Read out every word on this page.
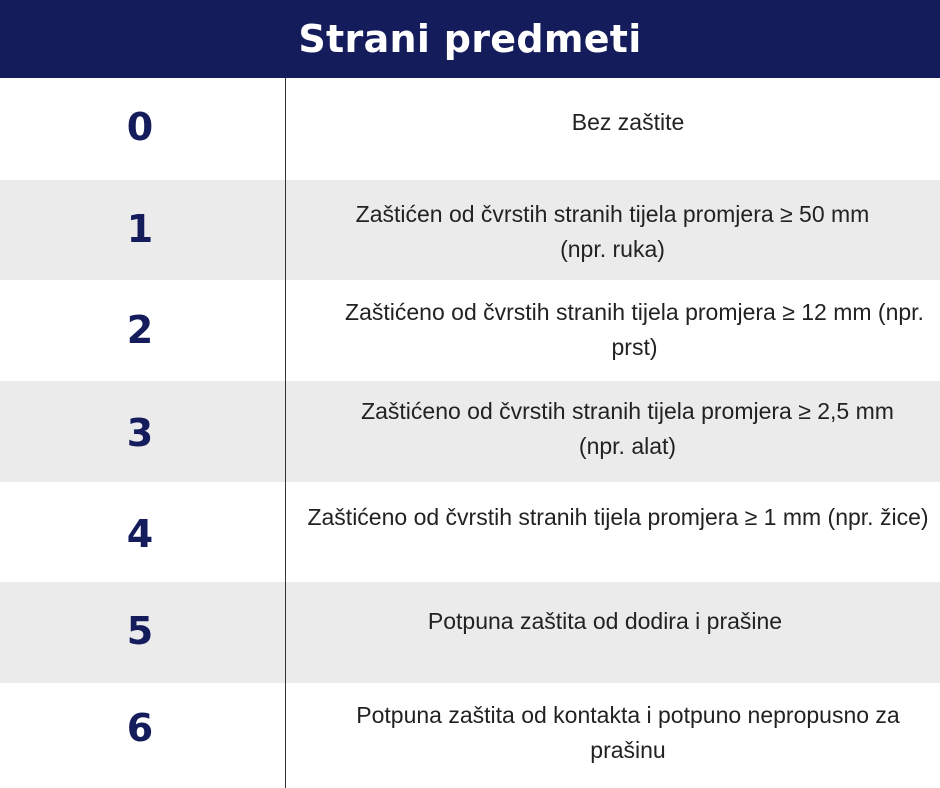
Strani predmeti
0	Bez zaštite
1	Zaštićen od čvrstih stranih tijela promjera ≥ 50 mm (npr. ruka)
2	Zaštićeno od čvrstih stranih tijela promjera ≥ 12 mm (npr. prst)
3	Zaštićeno od čvrstih stranih tijela promjera ≥ 2,5 mm (npr. alat)
4	Zaštićeno od čvrstih stranih tijela promjera ≥ 1 mm (npr. žice)
5	Potpuna zaštita od dodira i prašine
6	Potpuna zaštita od kontakta i potpuno nepropusno za prašinu
